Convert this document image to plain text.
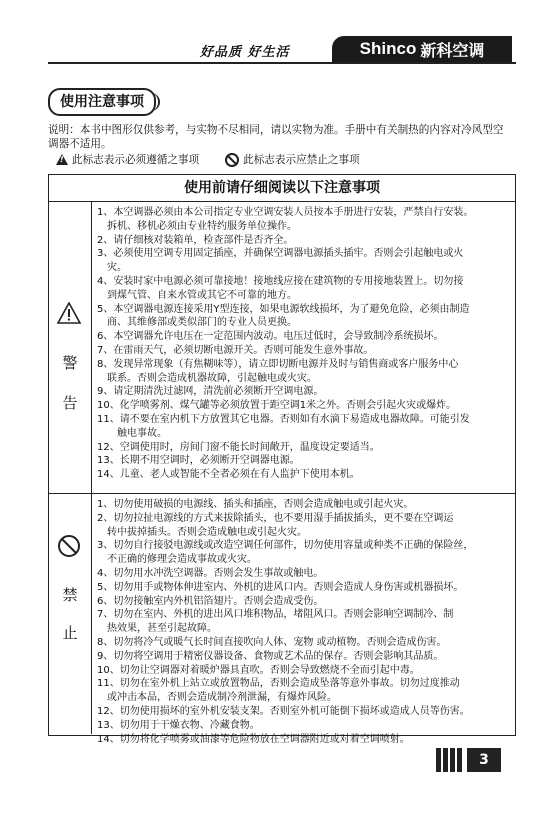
好品质 好生活	Shinco 新科空调
使用注意事项
说明：本书中图形仅供参考，与实物不尽相同，请以实物为准。手册中有关制热的内容对冷风型空调器不适用。
!
此标志表示必须遵循之事项	此标志表示应禁止之事项
使用前请仔细阅读以下注意事项
警
告
1、本空调器必须由本公司指定专业空调安装人员按本手册进行安装，严禁自行安装。
　拆机、移机必须由专业特约服务单位操作。
2、请仔细核对装箱单，检查部件是否齐全。
3、必须使用空调专用固定插座，并确保空调器电源插头插牢。否则会引起触电或火
　灾。
4、安装时家中电源必须可靠接地！接地线应接在建筑物的专用接地装置上。切勿接
　到煤气管、自来水管或其它不可靠的地方。
5、本空调器电源连接采用Y型连接，如果电源软线损坏，为了避免危险，必须由制造
　商、其维修部或类似部门的专业人员更换。
6、本空调器允许电压在一定范围内波动。电压过低时，会导致制冷系统损坏。
7、在雷雨天气，必须切断电源开关。否则可能发生意外事故。
8、发现异常现象（有焦糊味等），请立即切断电源并及时与销售商或客户服务中心
　联系。否则会造成机器故障，引起触电或火灾。
9、请定期清洗过滤网，清洗前必须断开空调电源。
10、化学喷雾剂、煤气罐等必须放置于距空调1米之外。否则会引起火灾或爆炸。
11、请不要在室内机下方放置其它电器。否则如有水滴下易造成电器故障。可能引发
　　触电事故。
12、空调使用时，房间门窗不能长时间敞开，温度设定要适当。
13、长期不用空调时，必须断开空调器电源。
14、儿童、老人或智能不全者必须在有人监护下使用本机。
禁
止
1、切勿使用破损的电源线、插头和插座，否则会造成触电或引起火灾。
2、切勿拉扯电源线的方式来拔除插头，也不要用湿手插拔插头，更不要在空调运
　转中拔掉插头。否则会造成触电或引起火灾。
3、切勿自行接驳电源线或改造空调任何部件，切勿使用容量或种类不正确的保险丝，
　不正确的修理会造成事故或火灾。
4、切勿用水冲洗空调器。否则会发生事故或触电。
5、切勿用手或物体伸进室内、外机的进风口内。否则会造成人身伤害或机器损坏。
6、切勿接触室内外机铝箔翅片。否则会造成受伤。
7、切勿在室内、外机的进出风口堆积物品，堵阻风口。否则会影响空调制冷、制
　热效果，甚至引起故障。
8、切勿将冷气或暖气长时间直接吹向人体、宠物 或动植物。否则会造成伤害。
9、切勿将空调用于精密仪器设备、食物或艺术品的保存。否则会影响其品质。
10、切勿让空调器对着暖炉器具直吹。否则会导致燃烧不全而引起中毒。
11、切勿在室外机上站立或放置物品，否则会造成坠落等意外事故。切勿过度推动
　或冲击本品，否则会造成制冷剂泄漏，有爆炸风险。
12、切勿使用损坏的室外机安装支架。否则室外机可能倒下损坏或造成人员等伤害。
13、切勿用于干燥衣物、冷藏食物。
14、切勿将化学喷雾或油漆等危险物放在空调器附近或对着空调喷射。
3
